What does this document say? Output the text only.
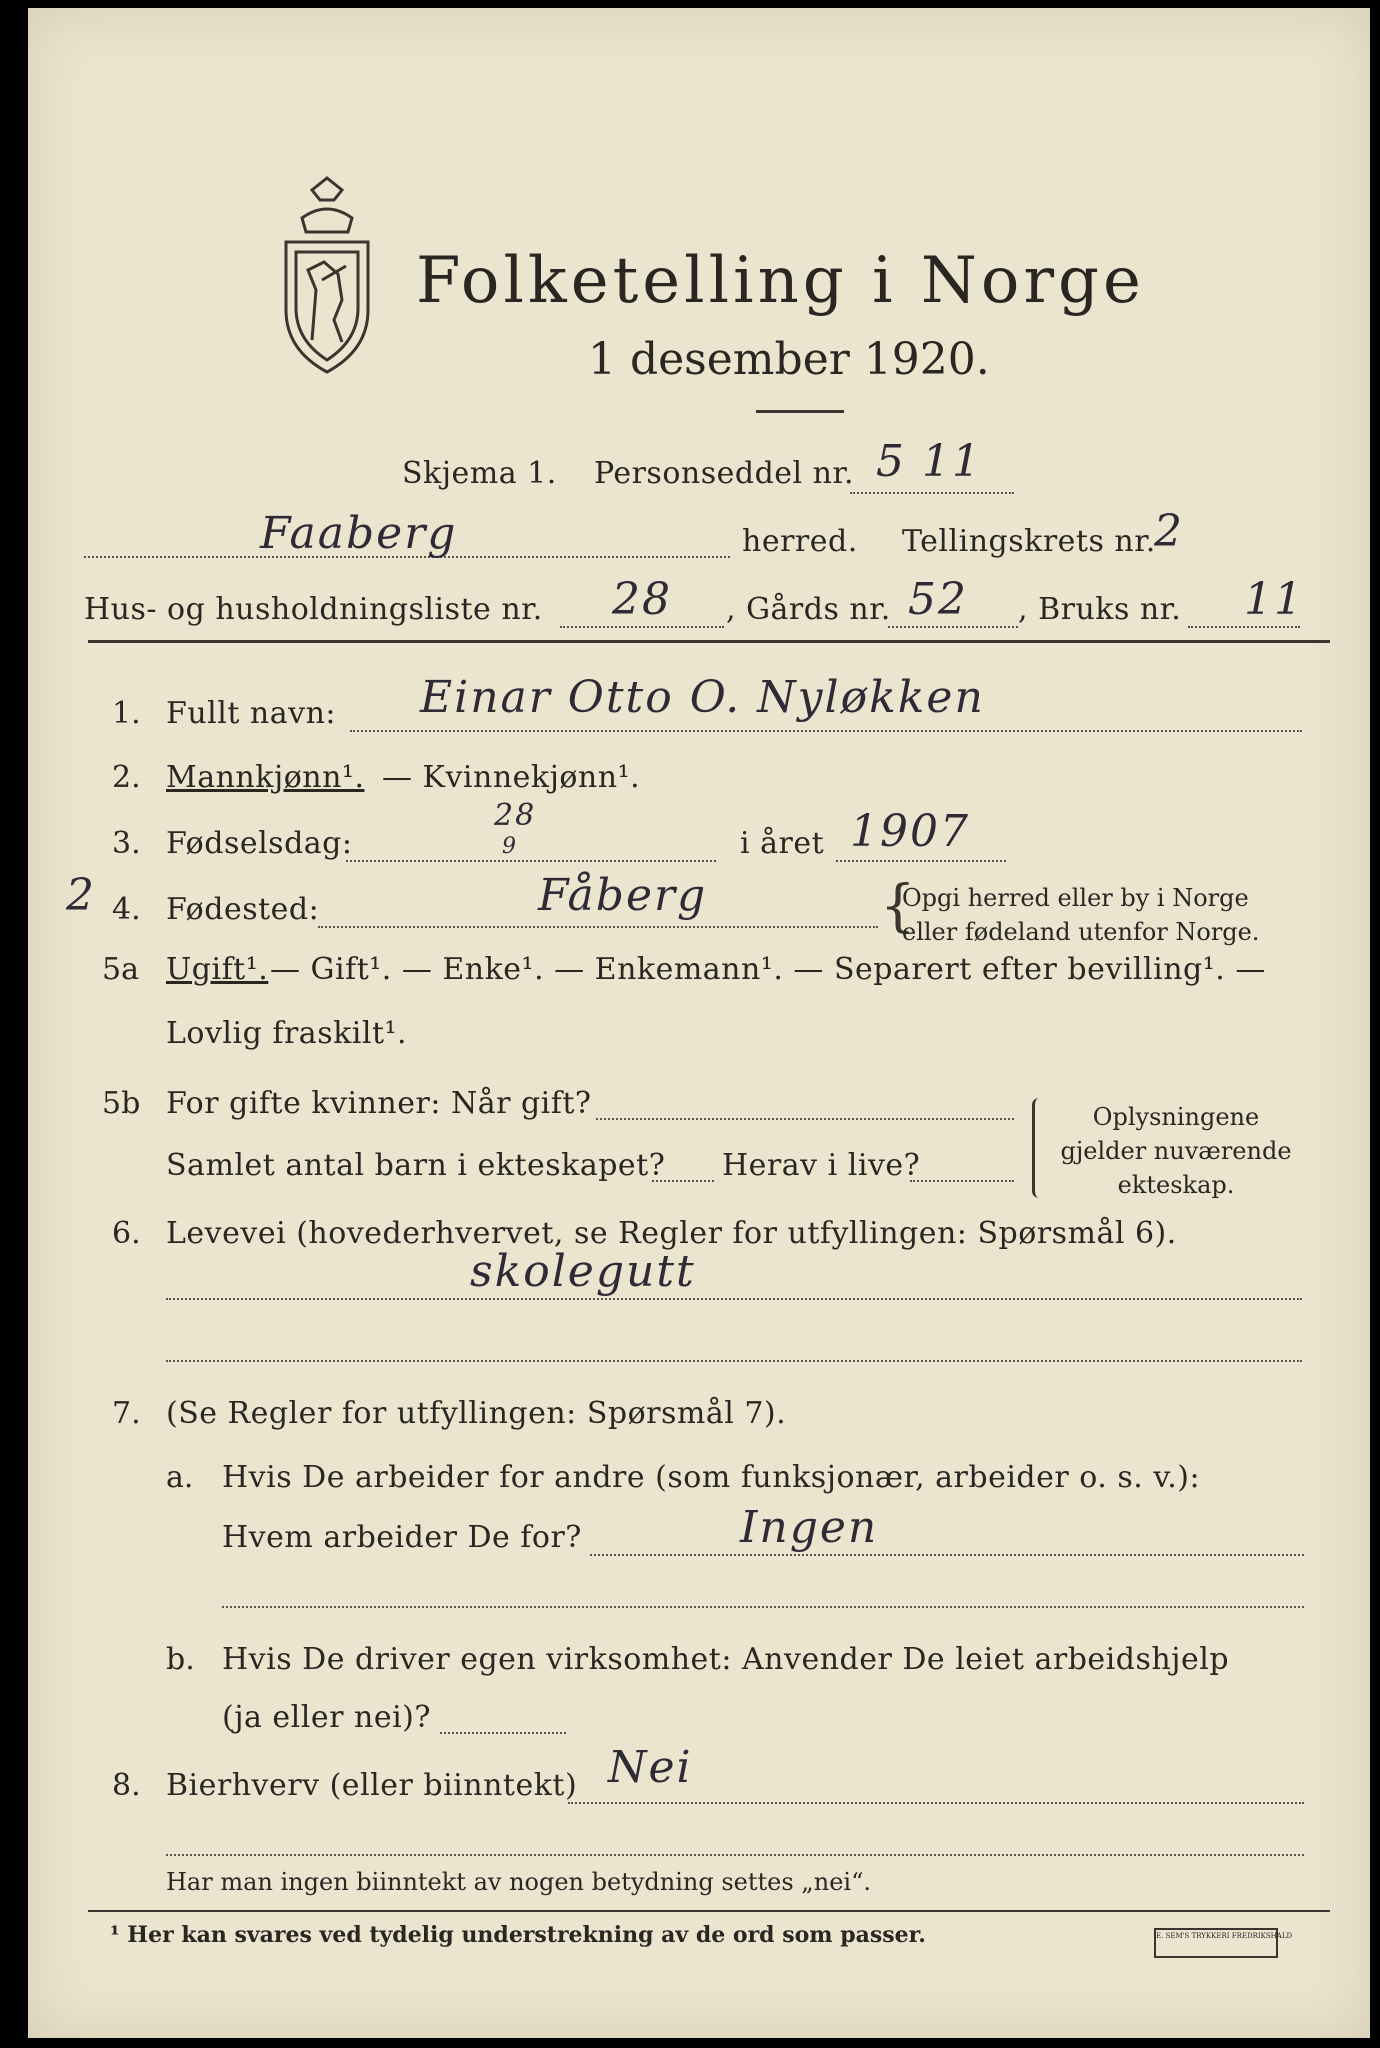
Folketelling i Norge
1 desember 1920.
Skjema 1. Personseddel nr. 5 11
Faaberg	herred. Tellingskrets nr.
2
Hus- og husholdningsliste nr. 28 , Gårds nr. 52 , Bruks nr. 11
1. Fullt navn: Einar Otto O. Nyløkken
2. Mannkjønn¹. — Kvinnekjønn¹.
3. Fødselsdag:
28
9	i året 1907
2 4. Fødested:	Fåberg	{
Opgi herred eller by i Norge
eller fødeland utenfor Norge.
5a Ugift¹. — Gift¹. — Enke¹. — Enkemann¹. — Separert efter bevilling¹. —
Lovlig fraskilt¹.
5b For gifte kvinner: Når gift?
Samlet antal barn i ekteskapet? Herav i live?
Oplysningene
gjelder nuværende
ekteskap.
6. Levevei (hovederhvervet, se Regler for utfyllingen: Spørsmål 6).
skolegutt
7. (Se Regler for utfyllingen: Spørsmål 7).
a. Hvis De arbeider for andre (som funksjonær, arbeider o. s. v.):
Hvem arbeider De for?	Ingen
b. Hvis De driver egen virksomhet: Anvender De leiet arbeidshjelp
(ja eller nei)?
8. Bierhverv (eller biinntekt) Nei
Har man ingen biinntekt av nogen betydning settes „nei“.
¹ Her kan svares ved tydelig understrekning av de ord som passer.	E. SEM'S TRYKKERI FREDRIKSHALD
